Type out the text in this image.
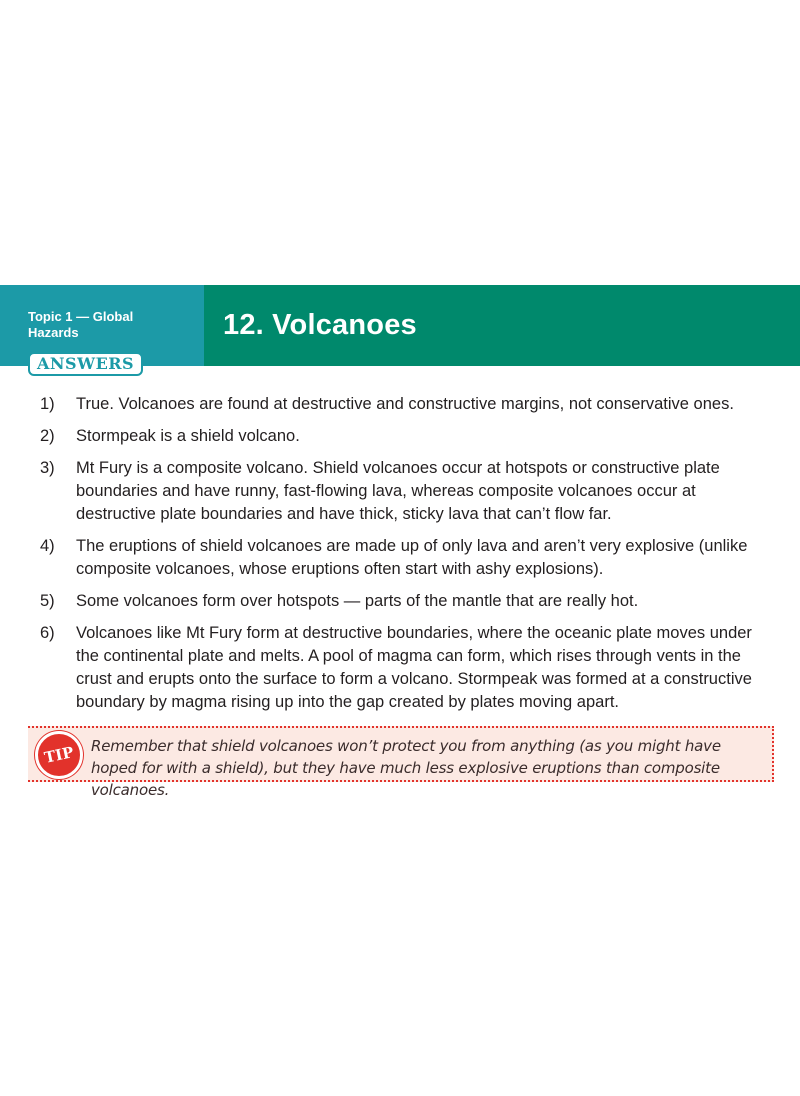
Topic 1 — Global Hazards	12. Volcanoes
ANSWERS
1) True. Volcanoes are found at destructive and constructive margins, not conservative ones.
2) Stormpeak is a shield volcano.
3) Mt Fury is a composite volcano. Shield volcanoes occur at hotspots or constructive plate boundaries and have runny, fast-flowing lava, whereas composite volcanoes occur at destructive plate boundaries and have thick, sticky lava that can’t flow far.
4) The eruptions of shield volcanoes are made up of only lava and aren’t very explosive (unlike composite volcanoes, whose eruptions often start with ashy explosions).
5) Some volcanoes form over hotspots — parts of the mantle that are really hot.
6) Volcanoes like Mt Fury form at destructive boundaries, where the oceanic plate moves under the continental plate and melts. A pool of magma can form, which rises through vents in the crust and erupts onto the surface to form a volcano. Stormpeak was formed at a constructive boundary by magma rising up into the gap created by plates moving apart.
TIP	Remember that shield volcanoes won’t protect you from anything (as you might have hoped for with a shield), but they have much less explosive eruptions than composite volcanoes.
